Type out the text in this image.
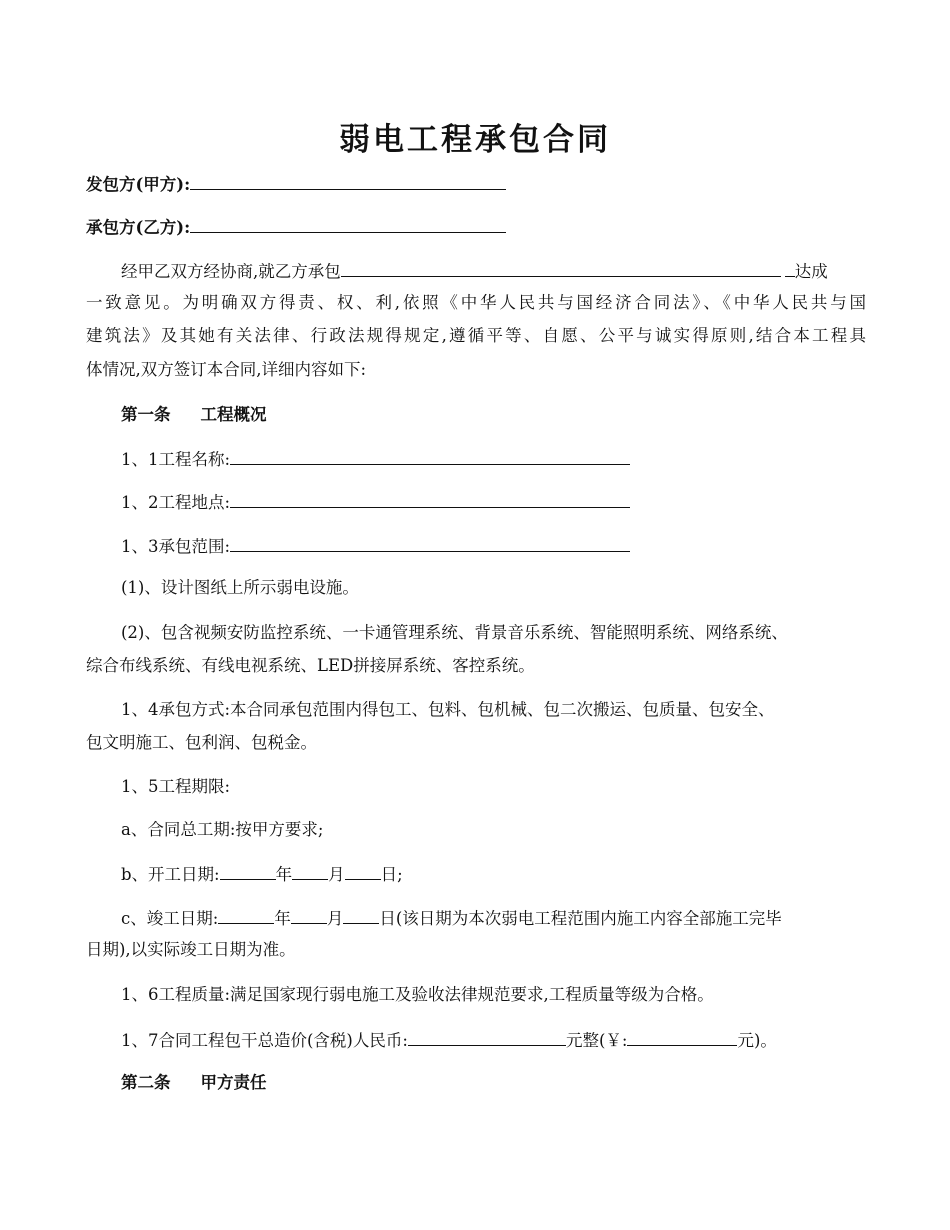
弱电工程承包合同
发包方(甲方):
承包方(乙方):
经甲乙双方经协商,就乙方承包	达成
一致意见。为明确双方得责、权、利,依照《中华人民共与国经济合同法》、《中华人民共与国
建筑法》及其她有关法律、行政法规得规定,遵循平等、自愿、公平与诚实得原则,结合本工程具
体情况,双方签订本合同,详细内容如下:
第一条 工程概况
1、1工程名称:
1、2工程地点:
1、3承包范围:
(1)、设计图纸上所示弱电设施。
(2)、包含视频安防监控系统、一卡通管理系统、背景音乐系统、智能照明系统、网络系统、
综合布线系统、有线电视系统、LED拼接屏系统、客控系统。
1、4承包方式:本合同承包范围内得包工、包料、包机械、包二次搬运、包质量、包安全、
包文明施工、包利润、包税金。
1、5工程期限:
a、合同总工期:按甲方要求;
b、开工日期:	年 月 日;
c、竣工日期:	年 月 日(该日期为本次弱电工程范围内施工内容全部施工完毕
日期),以实际竣工日期为准。
1、6工程质量:满足国家现行弱电施工及验收法律规范要求,工程质量等级为合格。
1、7合同工程包干总造价(含税)人民币:	元整(￥:	元)。
第二条 甲方责任
